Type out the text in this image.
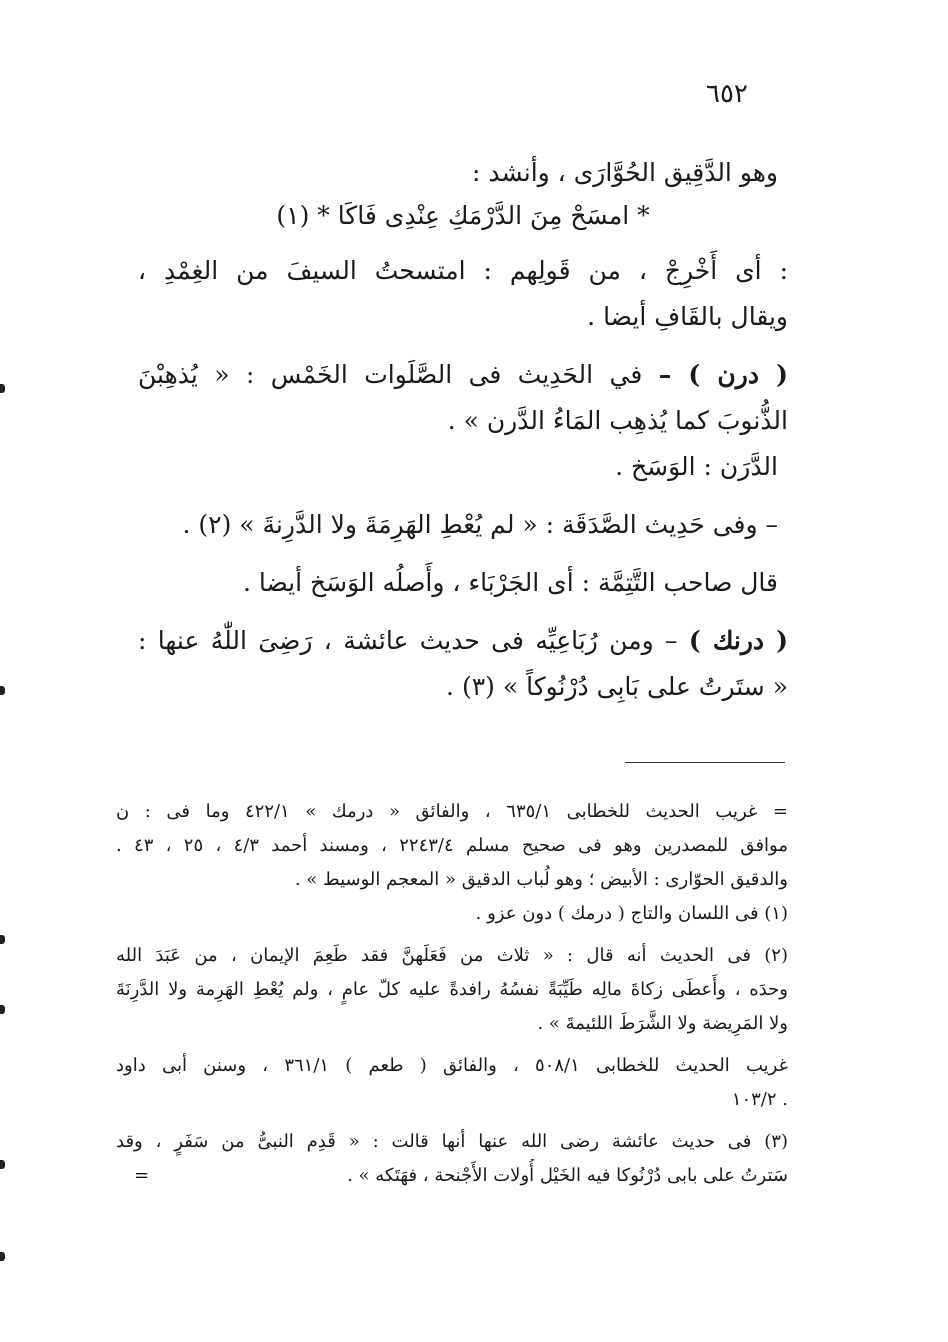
٦٥٢
وهو الدَّقِيق الحُوَّارَى ، وأنشد :
* امسَحْ مِنَ الدَّرْمَكِ عِنْدِى فَاكَا * (١)
: أى أَخْرِجْ ، من قَولِهم : امتسحتُ السيفَ من الغِمْدِ ،
ويقال بالقَافِ أيضا .
( درن ) – في الحَدِيث فى الصَّلَوات الخَمْس : « يُذهِبْنَ
الذُّنوبَ كما يُذهِب المَاءُ الدَّرن » .
الدَّرَن : الوَسَخ .
– وفى حَدِيث الصَّدَقَة : « لم يُعْطِ الهَرِمَةَ ولا الدَّرِنةَ » (٢) .
قال صاحب التَّتِمَّة : أى الجَرْبَاء ، وأَصلُه الوَسَخ أيضا .
( درنك ) – ومن رُبَاعِيِّه فى حديث عائشة ، رَضِىَ اللّٰهُ عنها :
« ستَرتُ على بَابِى دُرْنُوكاً » (٣) .
= غريب الحديث للخطابى ٦٣٥/١ ، والفائق « درمك » ٤٢٢/١ وما فى : ن
موافق للمصدرين وهو فى صحيح مسلم ٢٢٤٣/٤ ، ومسند أحمد ٤/٣ ، ٢٥ ، ٤٣ .
والدقيق الحوّارى : الأبيض ؛ وهو لُباب الدقيق « المعجم الوسيط » .
(١) فى اللسان والتاج ( درمك ) دون عزو .
(٢) فى الحديث أنه قال : « ثلاث من فَعَلَهنَّ فقد طَعِمَ الإيمان ، من عَبَدَ الله
وحدَه ، وأَعطَى زكاةَ مالِه طَيِّبَةً نفسُهُ رافدةً عليه كلّ عامٍ ، ولم يُعْطِ الهَرِمة ولا الدَّرِنَةَ
ولا المَرِيضة ولا الشَّرَطَ اللئيمةَ » .
غريب الحديث للخطابى ٥٠٨/١ ، والفائق ( طعم ) ٣٦١/١ ، وسنن أبى داود
. ١٠٣/٢
(٣) فى حديث عائشة رضى الله عنها أنها قالت : « قَدِم النبىُّ من سَفَرٍ ، وقد
سَترتُ على بابى دُرْنُوكا فيه الخَيْل أُولات الأَجْنحة ، فهَتَكه » .
=
